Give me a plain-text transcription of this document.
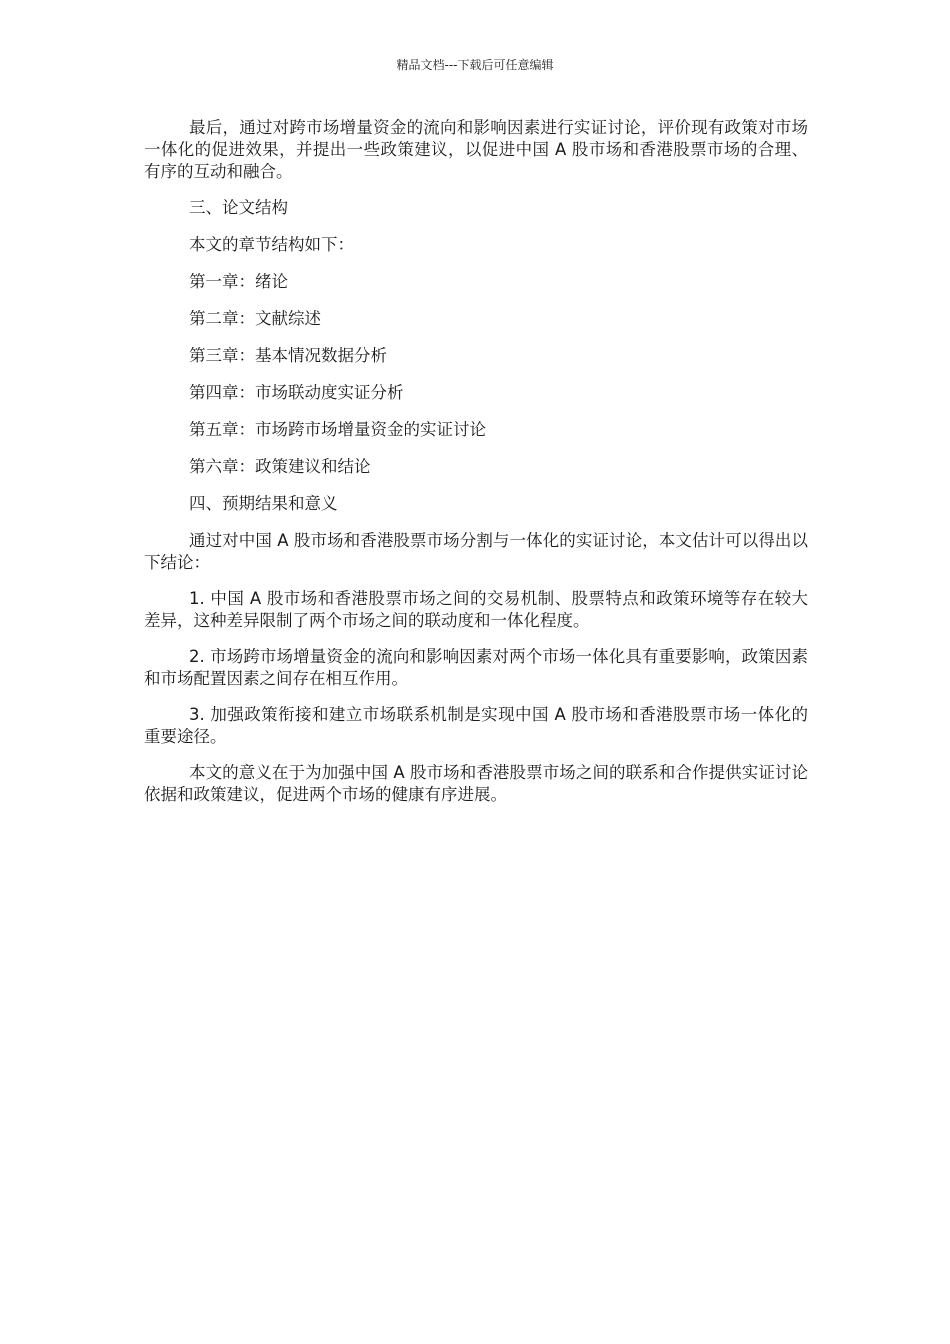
精品文档---下载后可任意编辑

最后，通过对跨市场增量资金的流向和影响因素进行实证讨论，评价现有政策对市场一体化的促进效果，并提出一些政策建议，以促进中国 A 股市场和香港股票市场的合理、有序的互动和融合。

三、论文结构

本文的章节结构如下：

第一章：绪论

第二章：文献综述

第三章：基本情况数据分析

第四章：市场联动度实证分析

第五章：市场跨市场增量资金的实证讨论

第六章：政策建议和结论

四、预期结果和意义

通过对中国 A 股市场和香港股票市场分割与一体化的实证讨论，本文估计可以得出以下结论：

1. 中国 A 股市场和香港股票市场之间的交易机制、股票特点和政策环境等存在较大差异，这种差异限制了两个市场之间的联动度和一体化程度。

2. 市场跨市场增量资金的流向和影响因素对两个市场一体化具有重要影响，政策因素和市场配置因素之间存在相互作用。

3. 加强政策衔接和建立市场联系机制是实现中国 A 股市场和香港股票市场一体化的重要途径。

本文的意义在于为加强中国 A 股市场和香港股票市场之间的联系和合作提供实证讨论依据和政策建议，促进两个市场的健康有序进展。
